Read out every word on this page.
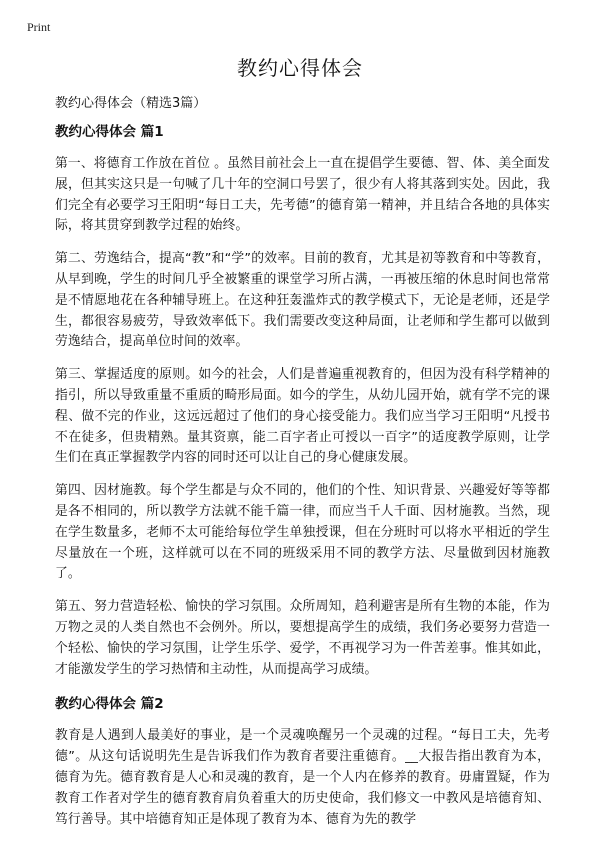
Print
教约心得体会

教约心得体会（精选3篇）

教约心得体会 篇1

第一、将德育工作放在首位 。虽然目前社会上一直在提倡学生要德、智、体、美全面发展，但其实这只是一句喊了几十年的空洞口号罢了，很少有人将其落到实处。因此，我们完全有必要学习王阳明“每日工夫，先考德”的德育第一精神，并且结合各地的具体实际，将其贯穿到教学过程的始终。

第二、劳逸结合，提高“教”和“学”的效率。目前的教育，尤其是初等教育和中等教育，从早到晚，学生的时间几乎全被繁重的课堂学习所占满，一再被压缩的休息时间也常常是不情愿地花在各种辅导班上。在这种狂轰滥炸式的教学模式下，无论是老师，还是学生，都很容易疲劳，导致效率低下。我们需要改变这种局面，让老师和学生都可以做到劳逸结合，提高单位时间的效率。

第三、掌握适度的原则。如今的社会，人们是普遍重视教育的，但因为没有科学精神的指引，所以导致重量不重质的畸形局面。如今的学生，从幼儿园开始，就有学不完的课程、做不完的作业，这远远超过了他们的身心接受能力。我们应当学习王阳明“凡授书不在徒多，但贵精熟。量其资禀，能二百字者止可授以一百字”的适度教学原则，让学生们在真正掌握教学内容的同时还可以让自己的身心健康发展。

第四、因材施教。每个学生都是与众不同的，他们的个性、知识背景、兴趣爱好等等都是各不相同的，所以教学方法就不能千篇一律，而应当千人千面、因材施教。当然，现在学生数量多，老师不太可能给每位学生单独授课，但在分班时可以将水平相近的学生尽量放在一个班，这样就可以在不同的班级采用不同的教学方法、尽量做到因材施教了。

第五、努力营造轻松、愉快的学习氛围。众所周知，趋利避害是所有生物的本能，作为万物之灵的人类自然也不会例外。所以，要想提高学生的成绩，我们务必要努力营造一个轻松、愉快的学习氛围，让学生乐学、爱学，不再视学习为一件苦差事。惟其如此，才能激发学生的学习热情和主动性，从而提高学习成绩。

教约心得体会 篇2

教育是人遇到人最美好的事业，是一个灵魂唤醒另一个灵魂的过程。“每日工夫，先考德”。从这句话说明先生是告诉我们作为教育者要注重德育。__大报告指出教育为本，德育为先。德育教育是人心和灵魂的教育，是一个人内在修养的教育。毋庸置疑，作为教育工作者对学生的德育教育肩负着重大的历史使命，我们修文一中教风是培德育知、笃行善导。其中培德育知正是体现了教育为本、德育为先的教学
